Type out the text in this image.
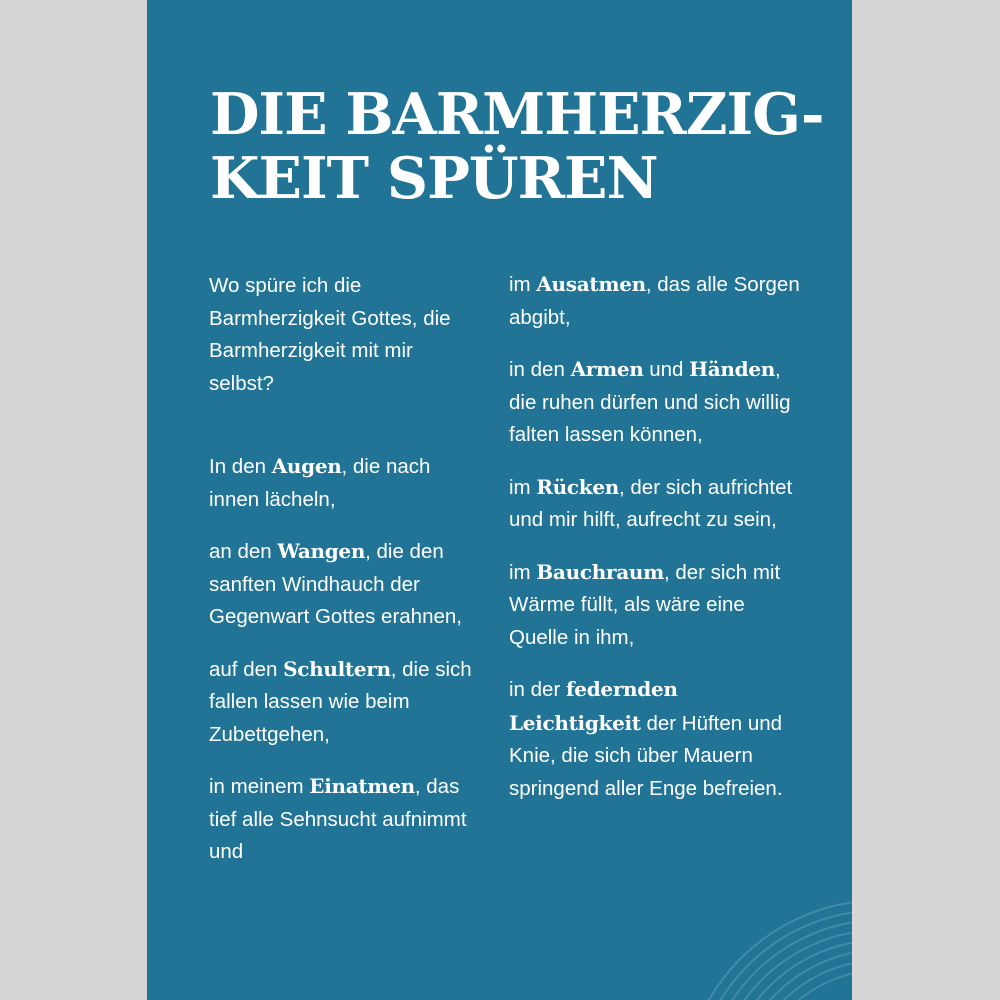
DIE BARMHERZIG-
KEIT SPÜREN

Wo spüre ich die Barmherzigkeit Gottes, die Barmherzigkeit mit mir selbst?

In den Augen, die nach innen lächeln,

an den Wangen, die den sanften Windhauch der Gegenwart Gottes erahnen,

auf den Schultern, die sich fallen lassen wie beim Zubettgehen,

in meinem Einatmen, das tief alle Sehnsucht aufnimmt und

im Ausatmen, das alle Sorgen abgibt,

in den Armen und Händen, die ruhen dürfen und sich willig falten lassen können,

im Rücken, der sich aufrichtet und mir hilft, aufrecht zu sein,

im Bauchraum, der sich mit Wärme füllt, als wäre eine Quelle in ihm,

in der federnden Leichtigkeit der Hüften und Knie, die sich über Mauern springend aller Enge befreien.
